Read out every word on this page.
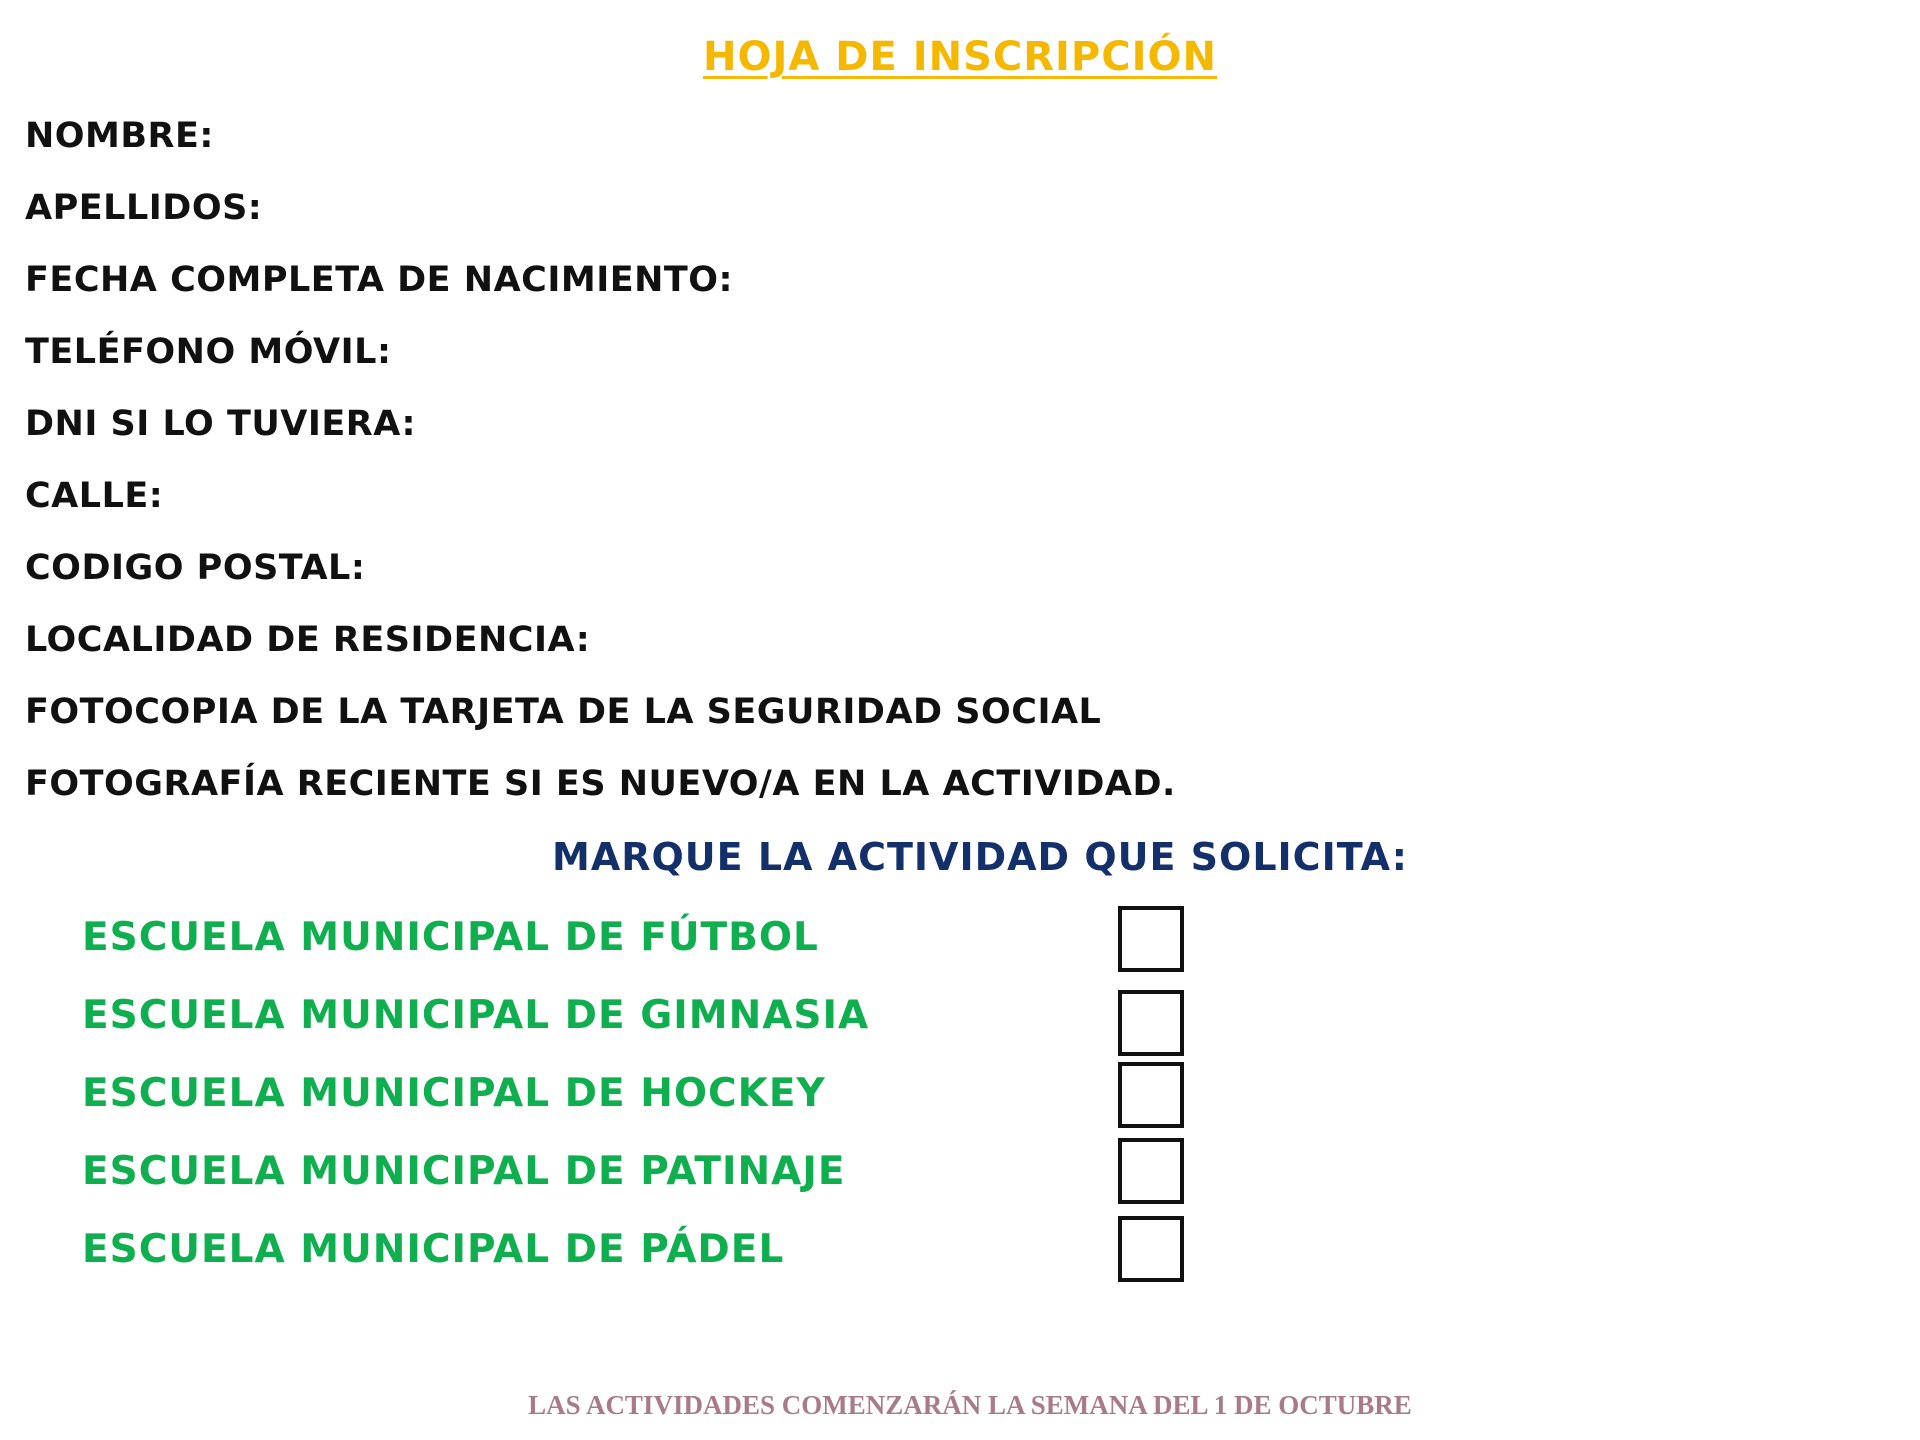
HOJA DE INSCRIPCIÓN
NOMBRE:
APELLIDOS:
FECHA COMPLETA DE NACIMIENTO:
TELÉFONO MÓVIL:
DNI SI LO TUVIERA:
CALLE:
CODIGO POSTAL:
LOCALIDAD DE RESIDENCIA:
FOTOCOPIA DE LA TARJETA DE LA SEGURIDAD SOCIAL
FOTOGRAFÍA RECIENTE SI ES NUEVO/A EN LA ACTIVIDAD.
MARQUE LA ACTIVIDAD QUE SOLICITA:
ESCUELA MUNICIPAL DE FÚTBOL
ESCUELA MUNICIPAL DE GIMNASIA
ESCUELA MUNICIPAL DE HOCKEY
ESCUELA MUNICIPAL DE PATINAJE
ESCUELA MUNICIPAL DE PÁDEL
LAS ACTIVIDADES COMENZARÁN LA SEMANA DEL 1 DE OCTUBRE
